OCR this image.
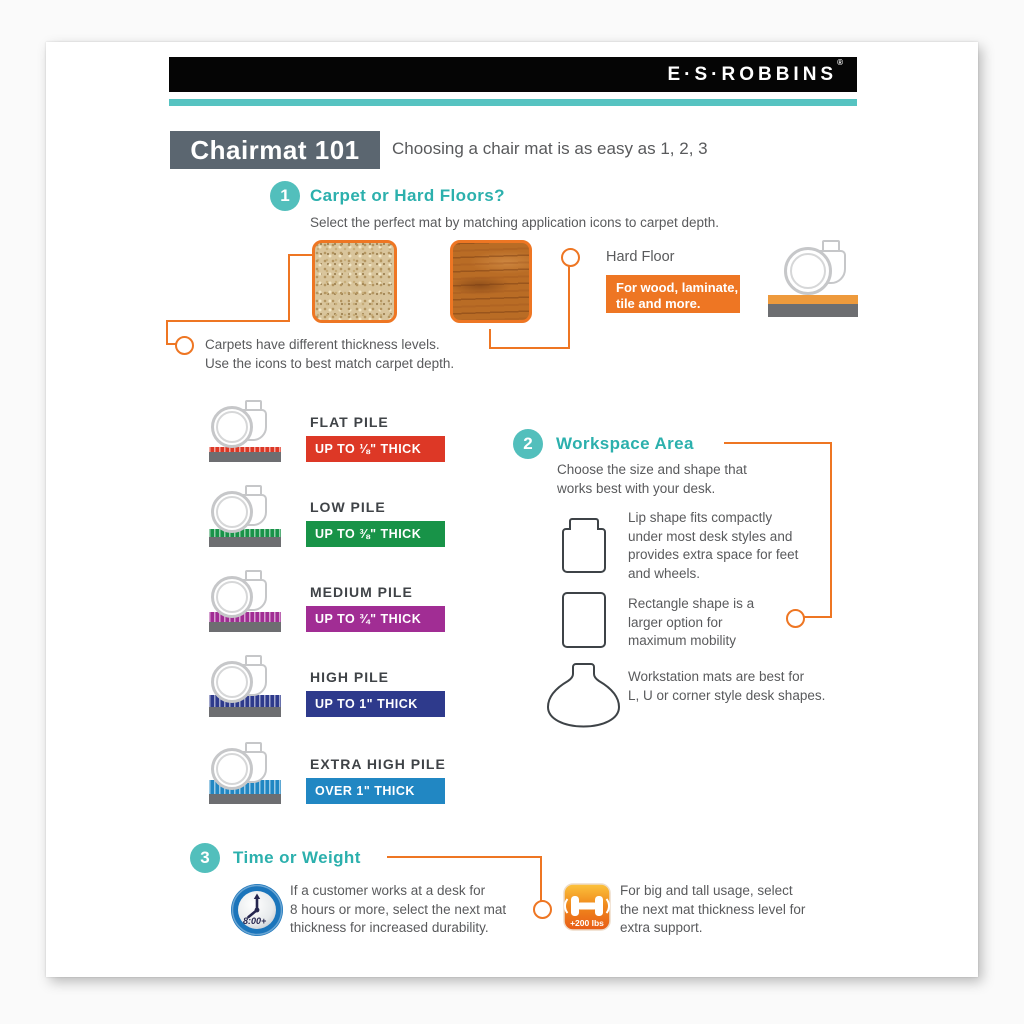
E·S·ROBBINS®
Chairmat 101	Choosing a chair mat is as easy as 1, 2, 3
1	Carpet or Hard Floors?
Select the perfect mat by matching application icons to carpet depth.
Carpets have different thickness levels.
Use the icons to best match carpet depth.
Hard Floor
For wood, laminate,
tile and more.
FLAT PILE
UP TO ⅛" THICK
LOW PILE
UP TO ⅜" THICK
MEDIUM PILE
UP TO ¾" THICK
HIGH PILE
UP TO 1" THICK
EXTRA HIGH PILE
OVER 1" THICK
2	Workspace Area
Choose the size and shape that
works best with your desk.
Lip shape fits compactly
under most desk styles and
provides extra space for feet
and wheels.
Rectangle shape is a
larger option for
maximum mobility
Workstation mats are best for
L, U or corner style desk shapes.
3	Time or Weight
8:00+
If a customer works at a desk for
8 hours or more, select the next mat
thickness for increased durability.	+200 lbs
For big and tall usage, select
the next mat thickness level for
extra support.
